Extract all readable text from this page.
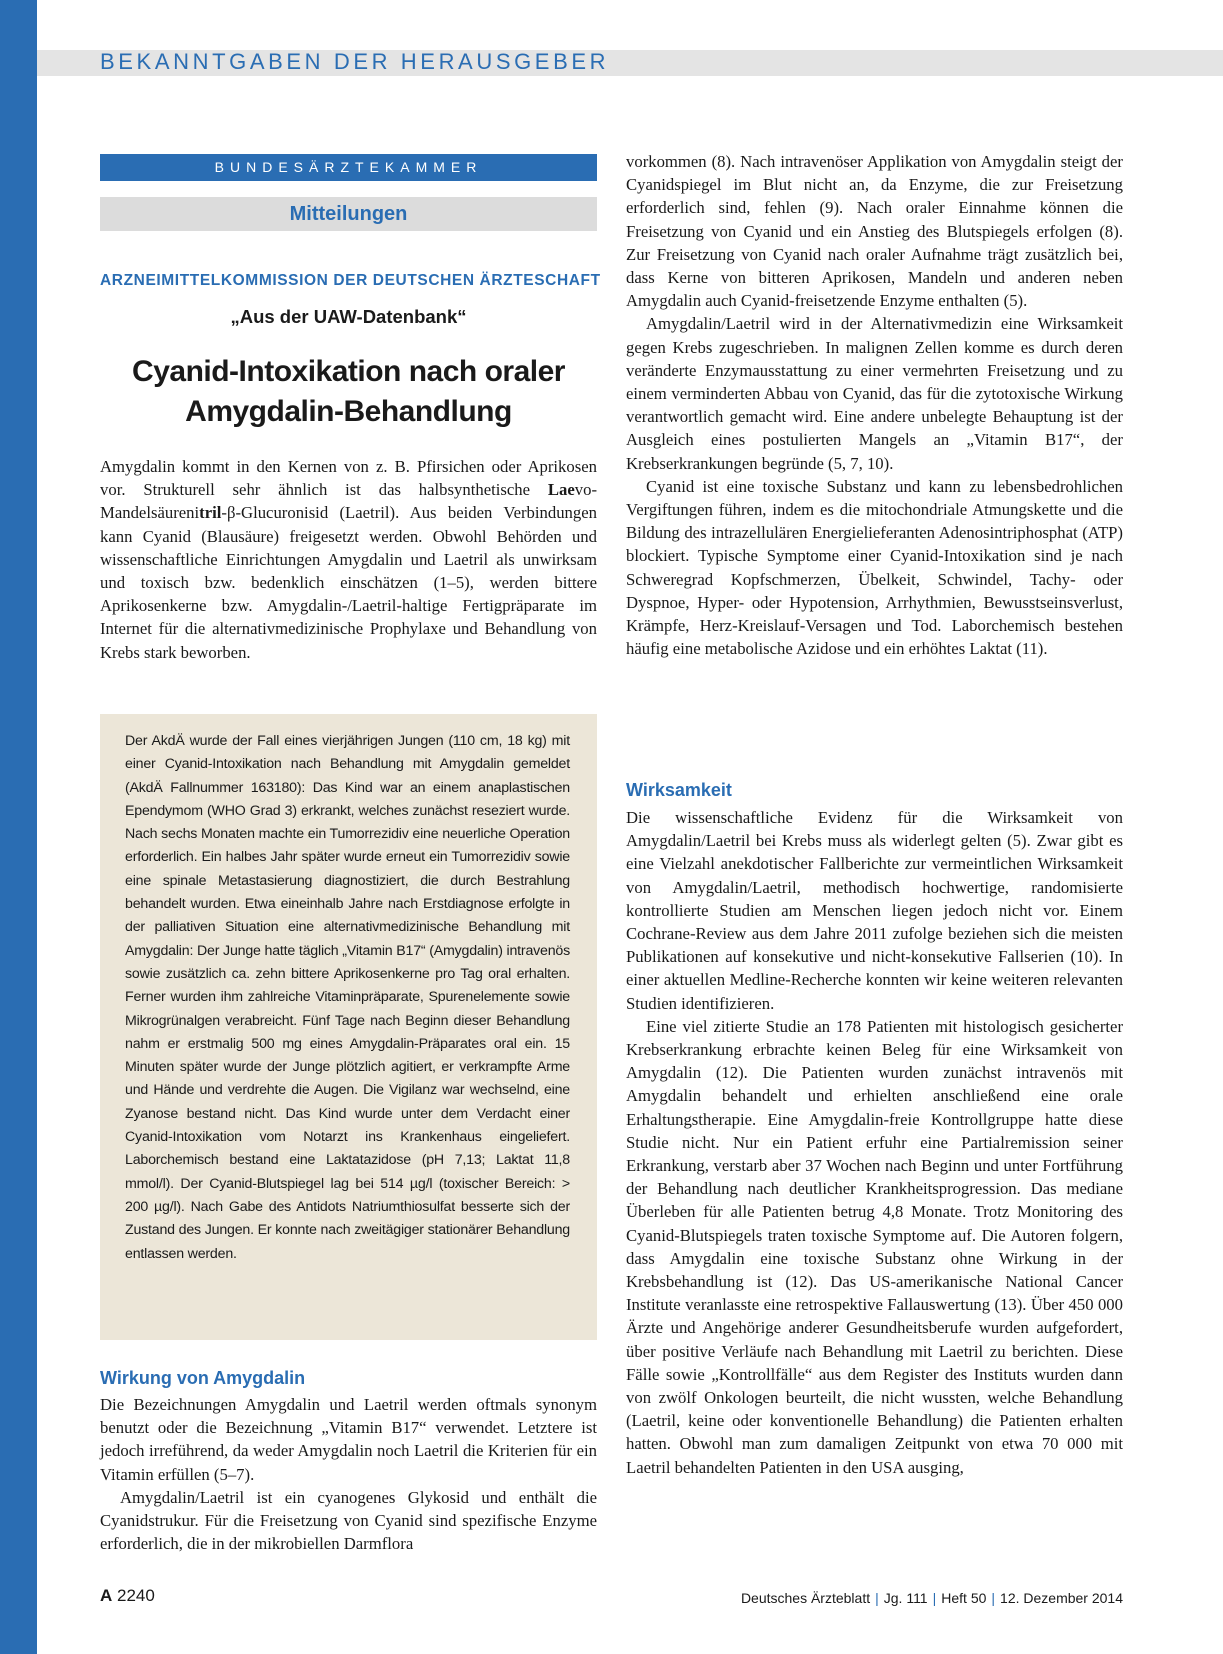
BEKANNTGABEN DER HERAUSGEBER
BUNDESÄRZTEKAMMER
Mitteilungen
ARZNEIMITTELKOMMISSION DER DEUTSCHEN ÄRZTESCHAFT
„Aus der UAW-Datenbank“
Cyanid-Intoxikation nach oraler
Amygdalin-Behandlung

Amygdalin kommt in den Kernen von z. B. Pfirsichen oder Aprikosen vor. Strukturell sehr ähnlich ist das halbsynthetische Laevo-Mandelsäurenitril-β-Glucuronisid (Laetril). Aus beiden Verbindungen kann Cyanid (Blausäure) freigesetzt werden. Obwohl Behörden und wissenschaftliche Einrichtungen Amygdalin und Laetril als unwirksam und toxisch bzw. bedenklich einschätzen (1–5), werden bittere Aprikosenkerne bzw. Amygdalin-/Laetril-haltige Fertigpräparate im Internet für die alternativmedizinische Prophylaxe und Behandlung von Krebs stark beworben.

Der AkdÄ wurde der Fall eines vierjährigen Jungen (110 cm, 18 kg) mit einer Cyanid-Intoxikation nach Behandlung mit Amygdalin gemeldet (AkdÄ Fallnummer 163180): Das Kind war an einem anaplastischen Ependymom (WHO Grad 3) erkrankt, welches zunächst reseziert wurde. Nach sechs Monaten machte ein Tumorrezidiv eine neuerliche Operation erforderlich. Ein halbes Jahr später wurde erneut ein Tumorrezidiv sowie eine spinale Metastasierung diagnostiziert, die durch Bestrahlung behandelt wurden. Etwa eineinhalb Jahre nach Erstdiagnose erfolgte in der palliativen Situation eine alternativmedizinische Behandlung mit Amygdalin: Der Junge hatte täglich „Vitamin B17“ (Amygdalin) intravenös sowie zusätzlich ca. zehn bittere Aprikosenkerne pro Tag oral erhalten. Ferner wurden ihm zahlreiche Vitaminpräparate, Spurenelemente sowie Mikrogrünalgen verabreicht. Fünf Tage nach Beginn dieser Behandlung nahm er erstmalig 500 mg eines Amygdalin-Präparates oral ein. 15 Minuten später wurde der Junge plötzlich agitiert, er verkrampfte Arme und Hände und verdrehte die Augen. Die Vigilanz war wechselnd, eine Zyanose bestand nicht. Das Kind wurde unter dem Verdacht einer Cyanid-Intoxikation vom Notarzt ins Krankenhaus eingeliefert. Laborchemisch bestand eine Laktatazidose (pH 7,13; Laktat 11,8 mmol/l). Der Cyanid-Blutspiegel lag bei 514 µg/l (toxischer Bereich: > 200 µg/l). Nach Gabe des Antidots Natriumthiosulfat besserte sich der Zustand des Jungen. Er konnte nach zweitägiger stationärer Behandlung entlassen werden.
Wirkung von Amygdalin

Die Bezeichnungen Amygdalin und Laetril werden oftmals synonym benutzt oder die Bezeichnung „Vitamin B17“ verwendet. Letztere ist jedoch irreführend, da weder Amygdalin noch Laetril die Kriterien für ein Vitamin erfüllen (5–7).

Amygdalin/Laetril ist ein cyanogenes Glykosid und enthält die Cyanidstrukur. Für die Freisetzung von Cyanid sind spezifische Enzyme erforderlich, die in der mikrobiellen Darmflora

vorkommen (8). Nach intravenöser Applikation von Amygdalin steigt der Cyanidspiegel im Blut nicht an, da Enzyme, die zur Freisetzung erforderlich sind, fehlen (9). Nach oraler Einnahme können die Freisetzung von Cyanid und ein Anstieg des Blutspiegels erfolgen (8). Zur Freisetzung von Cyanid nach oraler Aufnahme trägt zusätzlich bei, dass Kerne von bitteren Aprikosen, Mandeln und anderen neben Amygdalin auch Cyanid-freisetzende Enzyme enthalten (5).

Amygdalin/Laetril wird in der Alternativmedizin eine Wirksamkeit gegen Krebs zugeschrieben. In malignen Zellen komme es durch deren veränderte Enzymausstattung zu einer vermehrten Freisetzung und zu einem verminderten Abbau von Cyanid, das für die zytotoxische Wirkung verantwortlich gemacht wird. Eine andere unbelegte Behauptung ist der Ausgleich eines postulierten Mangels an „Vitamin B17“, der Krebserkrankungen begründe (5, 7, 10).

Cyanid ist eine toxische Substanz und kann zu lebensbedrohlichen Vergiftungen führen, indem es die mitochondriale Atmungskette und die Bildung des intrazellulären Energielieferanten Adenosintriphosphat (ATP) blockiert. Typische Symptome einer Cyanid-Intoxikation sind je nach Schweregrad Kopfschmerzen, Übelkeit, Schwindel, Tachy- oder Dyspnoe, Hyper- oder Hypotension, Arrhythmien, Bewusstseinsverlust, Krämpfe, Herz-Kreislauf-Versagen und Tod. Laborchemisch bestehen häufig eine metabolische Azidose und ein erhöhtes Laktat (11).

Wirksamkeit

Die wissenschaftliche Evidenz für die Wirksamkeit von Amygdalin/Laetril bei Krebs muss als widerlegt gelten (5). Zwar gibt es eine Vielzahl anekdotischer Fallberichte zur vermeintlichen Wirksamkeit von Amygdalin/Laetril, methodisch hochwertige, randomisierte kontrollierte Studien am Menschen liegen jedoch nicht vor. Einem Cochrane-Review aus dem Jahre 2011 zufolge beziehen sich die meisten Publikationen auf konsekutive und nicht-konsekutive Fallserien (10). In einer aktuellen Medline-Recherche konnten wir keine weiteren relevanten Studien identifizieren.

Eine viel zitierte Studie an 178 Patienten mit histologisch gesicherter Krebserkrankung erbrachte keinen Beleg für eine Wirksamkeit von Amygdalin (12). Die Patienten wurden zunächst intravenös mit Amygdalin behandelt und erhielten anschließend eine orale Erhaltungstherapie. Eine Amygdalin-freie Kontrollgruppe hatte diese Studie nicht. Nur ein Patient erfuhr eine Partialremission seiner Erkrankung, verstarb aber 37 Wochen nach Beginn und unter Fortführung der Behandlung nach deutlicher Krankheitsprogression. Das mediane Überleben für alle Patienten betrug 4,8 Monate. Trotz Monitoring des Cyanid-Blutspiegels traten toxische Symptome auf. Die Autoren folgern, dass Amygdalin eine toxische Substanz ohne Wirkung in der Krebsbehandlung ist (12). Das US-amerikanische National Cancer Institute veranlasste eine retrospektive Fallauswertung (13). Über 450 000 Ärzte und Angehörige anderer Gesundheitsberufe wurden aufgefordert, über positive Verläufe nach Behandlung mit Laetril zu berichten. Diese Fälle sowie „Kontrollfälle“ aus dem Register des Instituts wurden dann von zwölf Onkologen beurteilt, die nicht wussten, welche Behandlung (Laetril, keine oder konventionelle Behandlung) die Patienten erhalten hatten. Obwohl man zum damaligen Zeitpunkt von etwa 70 000 mit Laetril behandelten Patienten in den USA ausging,

A 2240	Deutsches Ärzteblatt | Jg. 111 | Heft 50 | 12. Dezember 2014
